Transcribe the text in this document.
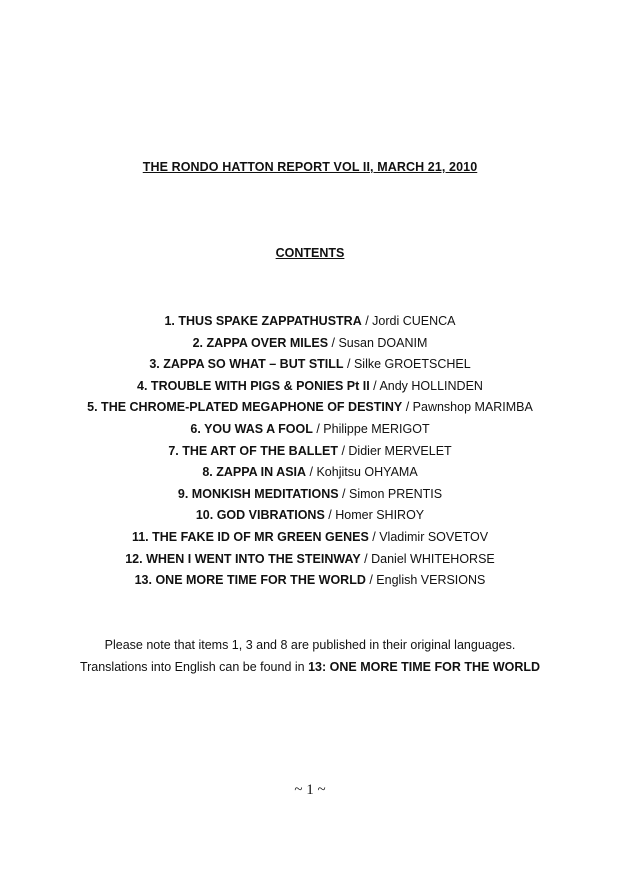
THE RONDO HATTON REPORT VOL II, MARCH 21, 2010
CONTENTS
1. THUS SPAKE ZAPPATHUSTRA / Jordi CUENCA
2. ZAPPA OVER MILES / Susan DOANIM
3. ZAPPA SO WHAT – BUT STILL / Silke GROETSCHEL
4. TROUBLE WITH PIGS & PONIES Pt II / Andy HOLLINDEN
5. THE CHROME-PLATED MEGAPHONE OF DESTINY / Pawnshop MARIMBA
6. YOU WAS A FOOL / Philippe MERIGOT
7. THE ART OF THE BALLET / Didier MERVELET
8. ZAPPA IN ASIA / Kohjitsu OHYAMA
9. MONKISH MEDITATIONS / Simon PRENTIS
10. GOD VIBRATIONS / Homer SHIROY
11. THE FAKE ID OF MR GREEN GENES / Vladimir SOVETOV
12. WHEN I WENT INTO THE STEINWAY / Daniel WHITEHORSE
13. ONE MORE TIME FOR THE WORLD / English VERSIONS
Please note that items 1, 3 and 8 are published in their original languages.
Translations into English can be found in 13: ONE MORE TIME FOR THE WORLD
~ 1 ~
